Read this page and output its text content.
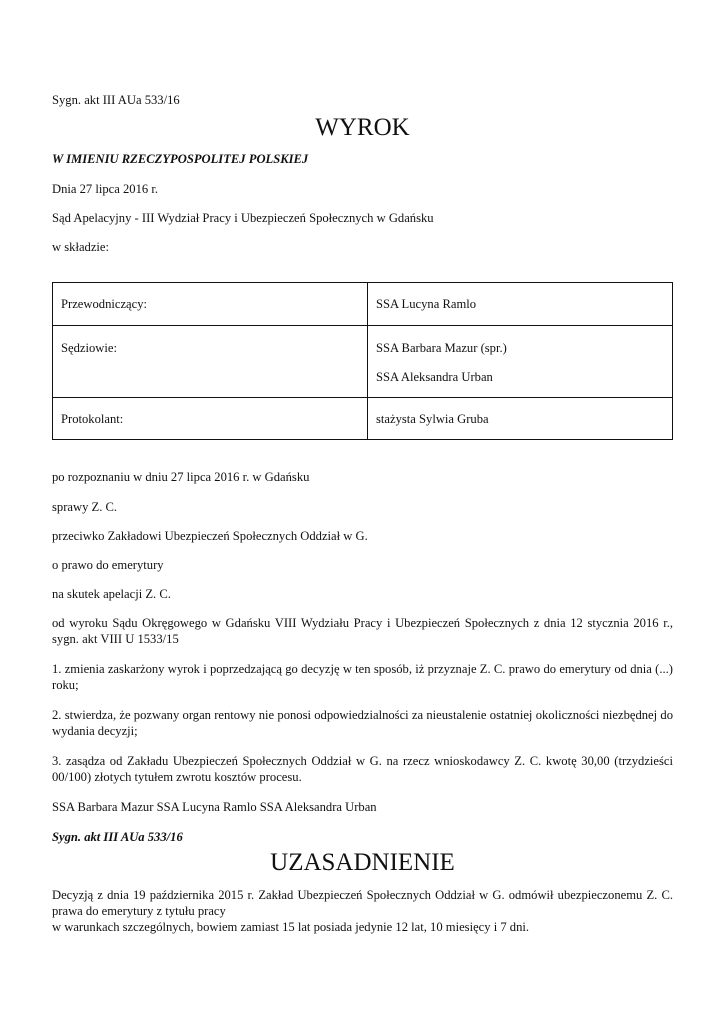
Sygn. akt III AUa 533/16

WYROK

W IMIENIU RZECZYPOSPOLITEJ POLSKIEJ

Dnia 27 lipca 2016 r.

Sąd Apelacyjny - III Wydział Pracy i Ubezpieczeń Społecznych w Gdańsku

w składzie:

Przewodniczący:	SSA Lucyna Ramlo

Sędziowie:	SSA Barbara Mazur (spr.)
SSA Aleksandra Urban

Protokolant:	stażysta Sylwia Gruba

po rozpoznaniu w dniu 27 lipca 2016 r. w Gdańsku

sprawy Z. C.

przeciwko Zakładowi Ubezpieczeń Społecznych Oddział w G.

o prawo do emerytury

na skutek apelacji Z. C.

od wyroku Sądu Okręgowego w Gdańsku VIII Wydziału Pracy i Ubezpieczeń Społecznych z dnia 12 stycznia 2016 r., sygn. akt VIII U 1533/15

1. zmienia zaskarżony wyrok i poprzedzającą go decyzję w ten sposób, iż przyznaje Z. C. prawo do emerytury od dnia (...) roku;

2. stwierdza, że pozwany organ rentowy nie ponosi odpowiedzialności za nieustalenie ostatniej okoliczności niezbędnej do wydania decyzji;

3. zasądza od Zakładu Ubezpieczeń Społecznych Oddział w G. na rzecz wnioskodawcy Z. C. kwotę 30,00 (trzydzieści 00/100) złotych tytułem zwrotu kosztów procesu.

SSA Barbara Mazur SSA Lucyna Ramlo SSA Aleksandra Urban

Sygn. akt III AUa 533/16

UZASADNIENIE

Decyzją z dnia 19 października 2015 r. Zakład Ubezpieczeń Społecznych Oddział w G. odmówił ubezpieczonemu Z. C. prawa do emerytury z tytułu pracy

w warunkach szczególnych, bowiem zamiast 15 lat posiada jedynie 12 lat, 10 miesięcy i 7 dni.
